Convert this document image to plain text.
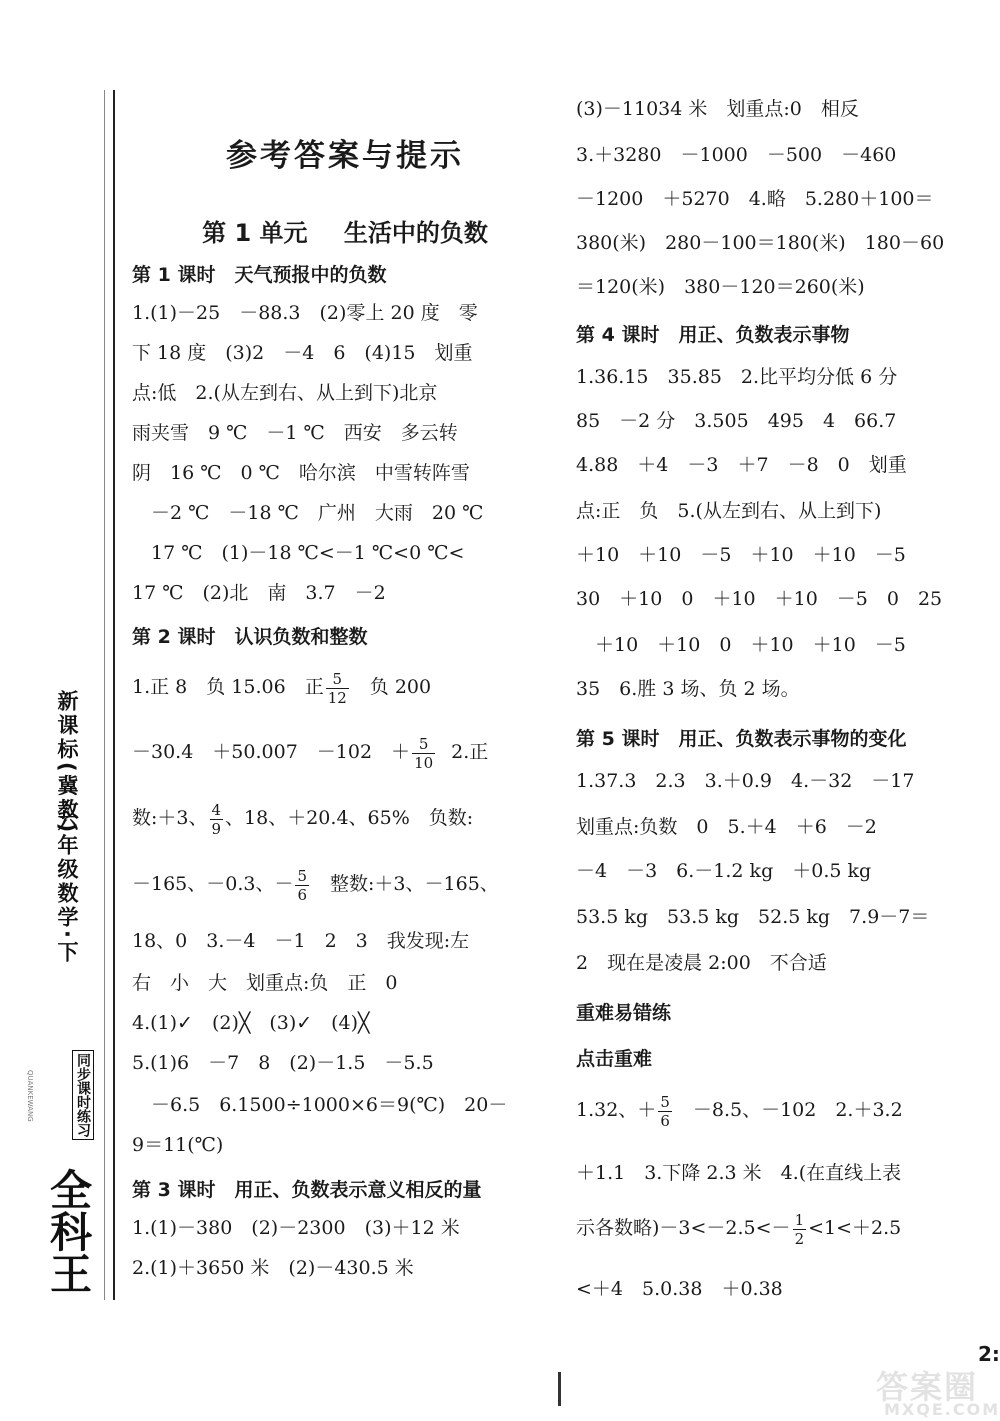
新课标(冀教)
六年级数学·下
全科王
同步课时练习
QUANKEWANG
参考答案与提示
第 1 单元 生活中的负数
第 1 课时　天气预报中的负数
1.(1)－25　－88.3　(2)零上 20 度　零
下 18 度　(3)2　－4　6　(4)15　划重
点:低　2.(从左到右、从上到下)北京
雨夹雪　9 ℃　－1 ℃　西安　多云转
阴　16 ℃　0 ℃　哈尔滨　中雪转阵雪
　－2 ℃　－18 ℃　广州　大雨　20 ℃
　17 ℃　(1)－18 ℃<－1 ℃<0 ℃<
17 ℃　(2)北　南　3.7　－2
第 2 课时　认识负数和整数
1.正 8　负 15.06　正 $\frac{5}{12}$ 　负 200
－30.4　＋50.007　－102　＋ $\frac{5}{10} 2$.正
数:＋3、 $\frac{4}{9}$ 、18、＋20.4、65%　负数:
－165、－0.3、－ $\frac{5}{6}$ 　整数:＋3、－165、
18、0　3.－4　－1　2　3　我发现:左
右　小　大　划重点:负　正　0
4.(1)✓　(2)╳　(3)✓　(4)╳
5.(1)6　－7　8　(2)－1.5　－5.5
　－6.5　6.1500÷1000×6＝9(℃)　20－
9＝11(℃)
第 3 课时　用正、负数表示意义相反的量
1.(1)－380　(2)－2300　(3)＋12 米
2.(1)＋3650 米　(2)－430.5 米
(3)－11034 米　划重点:0　相反
3.＋3280　－1000　－500　－460
－1200　＋5270　4.略　5.280＋100＝
380(米)　280－100＝180(米)　180－60
＝120(米)　380－120＝260(米)
第 4 课时　用正、负数表示事物
1.36.15　35.85　2.比平均分低 6 分
85　－2 分　3.505　495　4　66.7
4.88　＋4　－3　＋7　－8　0　划重
点:正　负　5.(从左到右、从上到下)
＋10　＋10　－5　＋10　＋10　－5
30　＋10　0　＋10　＋10　－5　0　25
　＋10　＋10　0　＋10　＋10　－5
35　6.胜 3 场、负 2 场。
第 5 课时　用正、负数表示事物的变化
1.37.3　2.3　3.＋0.9　4.－32　－17
划重点:负数　0　5.＋4　＋6　－2
－4　－3　6.－1.2 kg　＋0.5 kg
53.5 kg　53.5 kg　52.5 kg　7.9－7＝
2　现在是凌晨 2:00　不合适
重难易错练
点击重难
1.32、＋ $\frac{5}{6}$ 　－8.5、－102　2.＋3.2
＋1.1　3.下降 2.3 米　4.(在直线上表
示各数略)$-3<-2.5<- \frac{1}{2} <1<+2.5$
<＋4　5.0.38　＋0.38
2:
答案圈
MXQE.COM
